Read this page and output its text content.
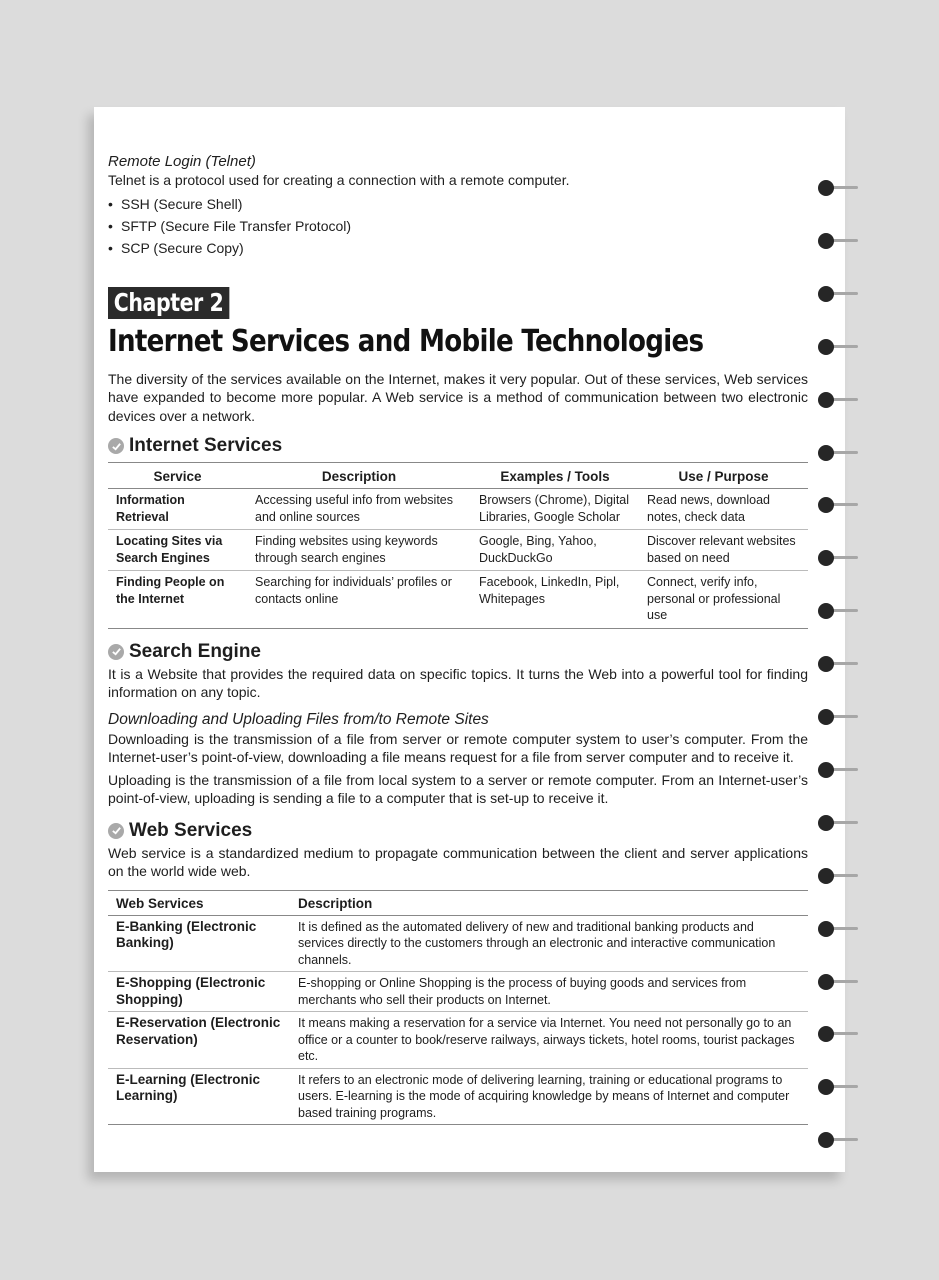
Remote Login (Telnet)

Telnet is a protocol used for creating a connection with a remote computer.

• SSH (Secure Shell)
• SFTP (Secure File Transfer Protocol)
• SCP (Secure Copy)
Chapter 2
Internet Services and Mobile Technologies

The diversity of the services available on the Internet, makes it very popular. Out of these services, Web services have expanded to become more popular. A Web service is a method of communication between two electronic devices over a network.

Internet Services
Service	Description	Examples / Tools	Use / Purpose
Information Retrieval	Accessing useful info from websites and online sources	Browsers (Chrome), Digital Libraries, Google Scholar	Read news, download notes, check data
Locating Sites via Search Engines	Finding websites using keywords through search engines	Google, Bing, Yahoo, DuckDuckGo	Discover relevant websites based on need
Finding People on the Internet	Searching for individuals’ profiles or contacts online	Facebook, LinkedIn, Pipl, Whitepages	Connect, verify info, personal or professional use
Search Engine

It is a Website that provides the required data on specific topics. It turns the Web into a powerful tool for finding information on any topic.

Downloading and Uploading Files from/to Remote Sites

Downloading is the transmission of a file from server or remote computer system to user’s computer. From the Internet-user’s point-of-view, downloading a file means request for a file from server computer and to receive it.

Uploading is the transmission of a file from local system to a server or remote computer. From an Internet-user’s point-of-view, uploading is sending a file to a computer that is set-up to receive it.

Web Services

Web service is a standardized medium to propagate communication between the client and server applications on the world wide web.

Web Services	Description
E-Banking (Electronic Banking)	It is defined as the automated delivery of new and traditional banking products and services directly to the customers through an electronic and interactive communication channels.
E-Shopping (Electronic Shopping)	E-shopping or Online Shopping is the process of buying goods and services from merchants who sell their products on Internet.
E-Reservation (Electronic Reservation)	It means making a reservation for a service via Internet. You need not personally go to an office or a counter to book/reserve railways, airways tickets, hotel rooms, tourist packages etc.
E-Learning (Electronic Learning)	It refers to an electronic mode of delivering learning, training or educational programs to users. E-learning is the mode of acquiring knowledge by means of Internet and computer based training programs.
